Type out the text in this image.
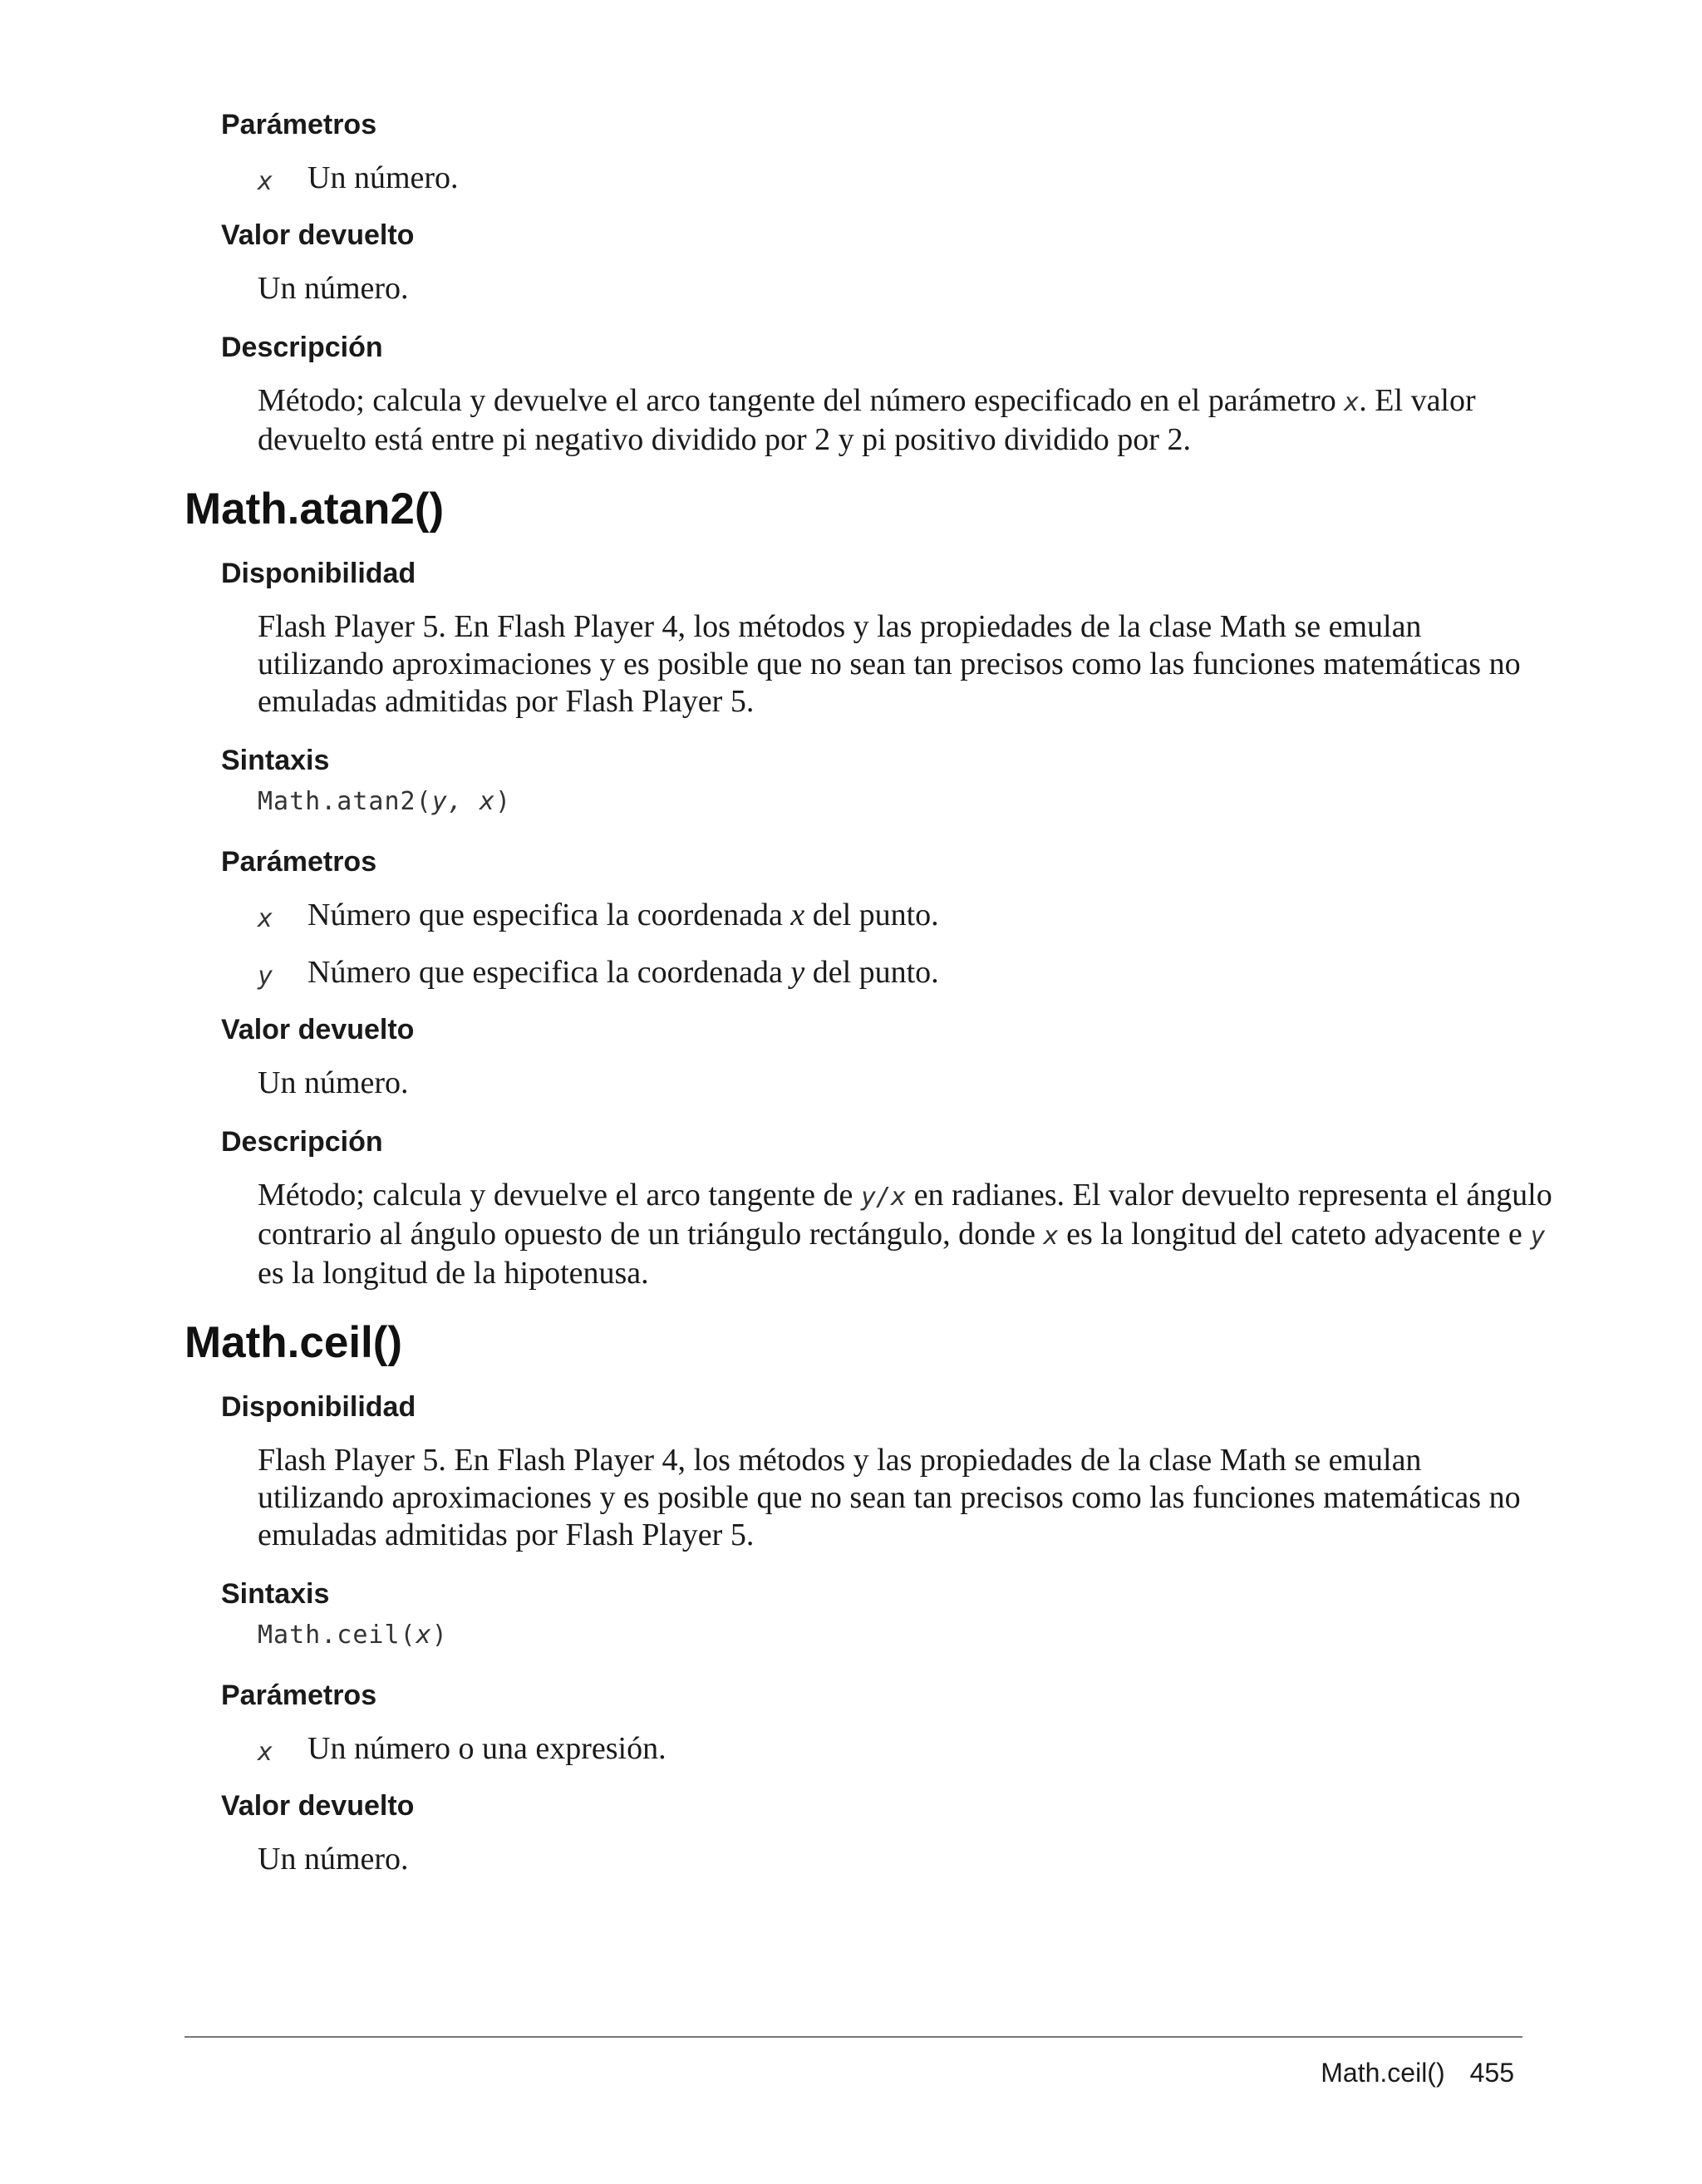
Parámetros
x	Un número.
Valor devuelto
Un número.
Descripción
Método; calcula y devuelve el arco tangente del número especificado en el parámetro x. El valor devuelto está entre pi negativo dividido por 2 y pi positivo dividido por 2.
Math.atan2()
Disponibilidad
Flash Player 5. En Flash Player 4, los métodos y las propiedades de la clase Math se emulan utilizando aproximaciones y es posible que no sean tan precisos como las funciones matemáticas no emuladas admitidas por Flash Player 5.
Sintaxis
Math.atan2(y, x)
Parámetros
x	Número que especifica la coordenada x del punto.
y	Número que especifica la coordenada y del punto.
Valor devuelto
Un número.
Descripción
Método; calcula y devuelve el arco tangente de y/x en radianes. El valor devuelto representa el ángulo contrario al ángulo opuesto de un triángulo rectángulo, donde x es la longitud del cateto adyacente e y es la longitud de la hipotenusa.
Math.ceil()
Disponibilidad
Flash Player 5. En Flash Player 4, los métodos y las propiedades de la clase Math se emulan utilizando aproximaciones y es posible que no sean tan precisos como las funciones matemáticas no emuladas admitidas por Flash Player 5.
Sintaxis
Math.ceil(x)
Parámetros
x	Un número o una expresión.
Valor devuelto
Un número.
Math.ceil() 455
